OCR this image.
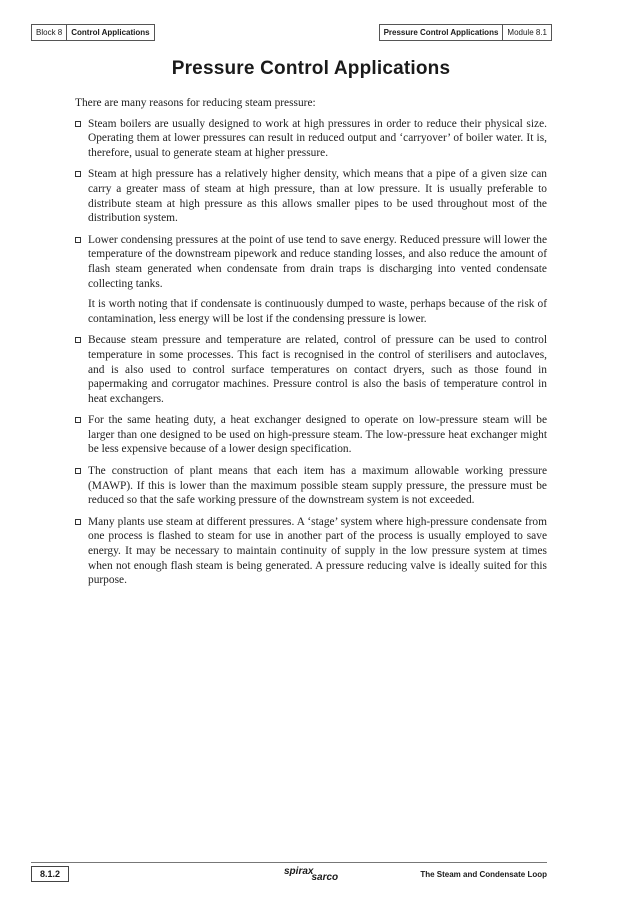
Block 8	Control Applications	Pressure Control Applications	Module 8.1
Pressure Control Applications

There are many reasons for reducing steam pressure:

Steam boilers are usually designed to work at high pressures in order to reduce their physical size. Operating them at lower pressures can result in reduced output and ‘carryover’ of boiler water. It is, therefore, usual to generate steam at higher pressure.

Steam at high pressure has a relatively higher density, which means that a pipe of a given size can carry a greater mass of steam at high pressure, than at low pressure. It is usually preferable to distribute steam at high pressure as this allows smaller pipes to be used throughout most of the distribution system.

Lower condensing pressures at the point of use tend to save energy. Reduced pressure will lower the temperature of the downstream pipework and reduce standing losses, and also reduce the amount of flash steam generated when condensate from drain traps is discharging into vented condensate collecting tanks.

It is worth noting that if condensate is continuously dumped to waste, perhaps because of the risk of contamination, less energy will be lost if the condensing pressure is lower.

Because steam pressure and temperature are related, control of pressure can be used to control temperature in some processes. This fact is recognised in the control of sterilisers and autoclaves, and is also used to control surface temperatures on contact dryers, such as those found in papermaking and corrugator machines. Pressure control is also the basis of temperature control in heat exchangers.

For the same heating duty, a heat exchanger designed to operate on low-pressure steam will be larger than one designed to be used on high-pressure steam. The low-pressure heat exchanger might be less expensive because of a lower design specification.

The construction of plant means that each item has a maximum allowable working pressure (MAWP). If this is lower than the maximum possible steam supply pressure, the pressure must be reduced so that the safe working pressure of the downstream system is not exceeded.

Many plants use steam at different pressures. A ‘stage’ system where high-pressure condensate from one process is flashed to steam for use in another part of the process is usually employed to save energy. It may be necessary to maintain continuity of supply in the low pressure system at times when not enough flash steam is being generated. A pressure reducing valve is ideally suited for this purpose.

8.1.2	spiraxsarco	The Steam and Condensate Loop
